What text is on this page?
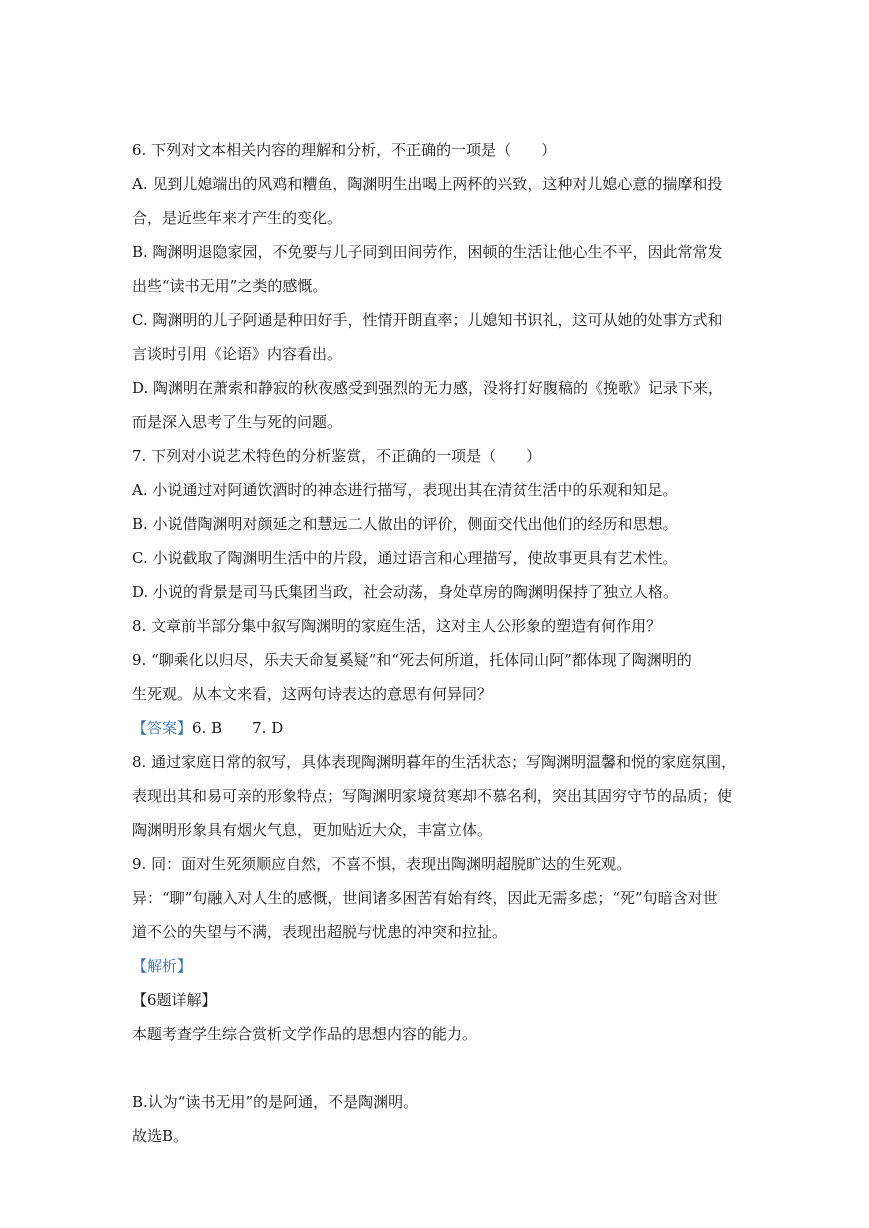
6. 下列对文本相关内容的理解和分析，不正确的一项是（　　）

A. 见到儿媳端出的风鸡和糟鱼，陶渊明生出喝上两杯的兴致，这种对儿媳心意的揣摩和投

合，是近些年来才产生的变化。

B. 陶渊明退隐家园，不免要与儿子同到田间劳作，困顿的生活让他心生不平，因此常常发

出些“读书无用”之类的感慨。

C. 陶渊明的儿子阿通是种田好手，性情开朗直率；儿媳知书识礼，这可从她的处事方式和

言谈时引用《论语》内容看出。

D. 陶渊明在萧索和静寂的秋夜感受到强烈的无力感，没将打好腹稿的《挽歌》记录下来，

而是深入思考了生与死的问题。

7. 下列对小说艺术特色的分析鉴赏，不正确的一项是（　　）

A. 小说通过对阿通饮酒时的神态进行描写，表现出其在清贫生活中的乐观和知足。

B. 小说借陶渊明对颜延之和慧远二人做出的评价，侧面交代出他们的经历和思想。

C. 小说截取了陶渊明生活中的片段，通过语言和心理描写，使故事更具有艺术性。

D. 小说的背景是司马氏集团当政，社会动荡，身处草房的陶渊明保持了独立人格。

8. 文章前半部分集中叙写陶渊明的家庭生活，这对主人公形象的塑造有何作用？

9. “聊乘化以归尽，乐夫天命复奚疑”和“死去何所道，托体同山阿”都体现了陶渊明的

生死观。从本文来看，这两句诗表达的意思有何异同？

【答案】6. B　　7. D

8. 通过家庭日常的叙写，具体表现陶渊明暮年的生活状态；写陶渊明温馨和悦的家庭氛围，

表现出其和易可亲的形象特点；写陶渊明家境贫寒却不慕名利，突出其固穷守节的品质；使

陶渊明形象具有烟火气息，更加贴近大众，丰富立体。

9. 同：面对生死须顺应自然，不喜不惧，表现出陶渊明超脱旷达的生死观。

异：“聊”句融入对人生的感慨，世间诸多困苦有始有终，因此无需多虑；“死”句暗含对世

道不公的失望与不满，表现出超脱与忧患的冲突和拉扯。

【解析】

【6题详解】

本题考查学生综合赏析文学作品的思想内容的能力。

B.认为“读书无用”的是阿通，不是陶渊明。

故选B。
